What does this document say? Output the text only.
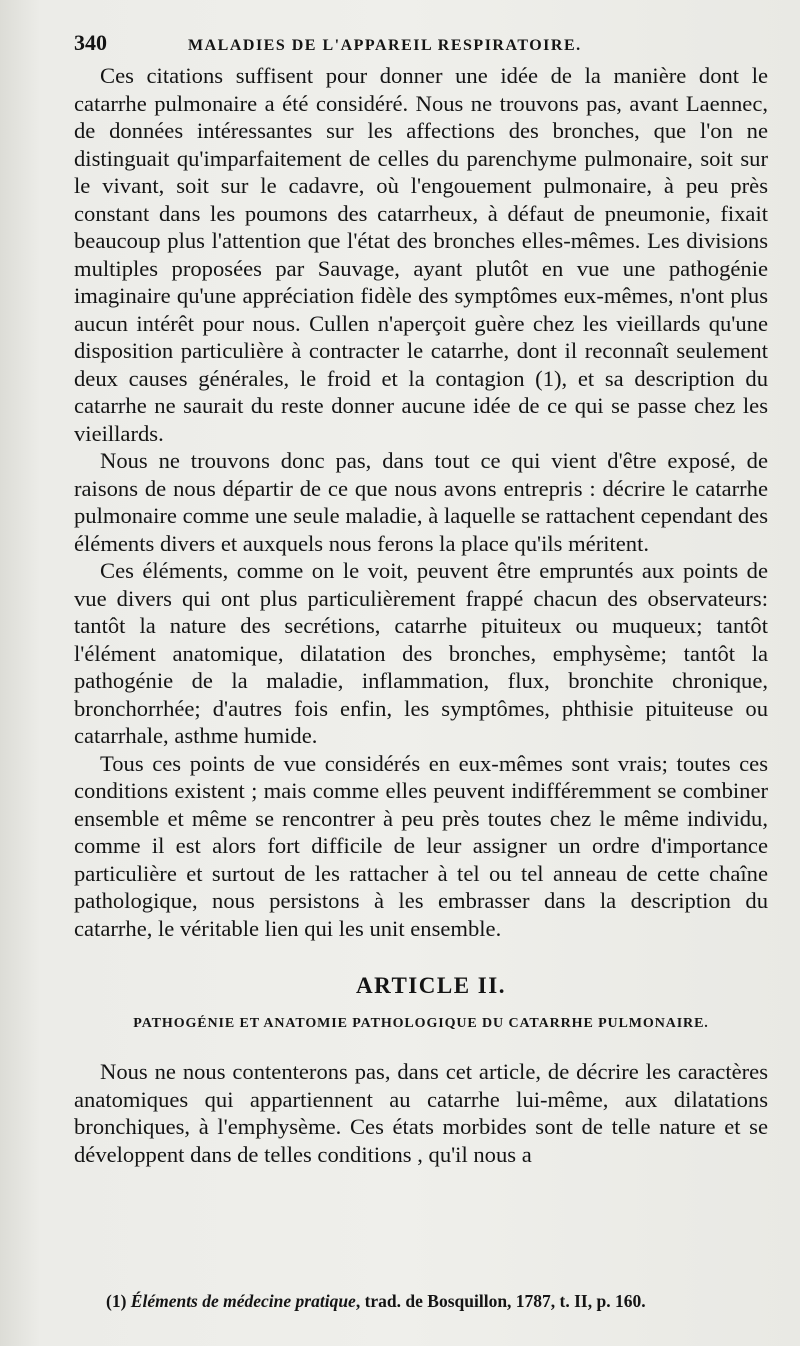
340	MALADIES DE L'APPAREIL RESPIRATOIRE.

Ces citations suffisent pour donner une idée de la manière dont le catarrhe pulmonaire a été considéré. Nous ne trouvons pas, avant Laennec, de données intéressantes sur les affections des bronches, que l'on ne distinguait qu'imparfaitement de celles du parenchyme pulmonaire, soit sur le vivant, soit sur le cadavre, où l'engouement pulmonaire, à peu près constant dans les poumons des catarrheux, à défaut de pneumonie, fixait beaucoup plus l'attention que l'état des bronches elles-mêmes. Les divisions multiples proposées par Sauvage, ayant plutôt en vue une pathogénie imaginaire qu'une appréciation fidèle des symptômes eux-mêmes, n'ont plus aucun intérêt pour nous. Cullen n'aperçoit guère chez les vieillards qu'une disposition particulière à contracter le catarrhe, dont il reconnaît seulement deux causes générales, le froid et la contagion (1), et sa description du catarrhe ne saurait du reste donner aucune idée de ce qui se passe chez les vieillards.

Nous ne trouvons donc pas, dans tout ce qui vient d'être exposé, de raisons de nous départir de ce que nous avons entrepris : décrire le catarrhe pulmonaire comme une seule maladie, à laquelle se rattachent cependant des éléments divers et auxquels nous ferons la place qu'ils méritent.

Ces éléments, comme on le voit, peuvent être empruntés aux points de vue divers qui ont plus particulièrement frappé chacun des observateurs: tantôt la nature des secrétions, catarrhe pituiteux ou muqueux; tantôt l'élément anatomique, dilatation des bronches, emphysème; tantôt la pathogénie de la maladie, inflammation, flux, bronchite chronique, bronchorrhée; d'autres fois enfin, les symptômes, phthisie pituiteuse ou catarrhale, asthme humide.

Tous ces points de vue considérés en eux-mêmes sont vrais; toutes ces conditions existent ; mais comme elles peuvent indifféremment se combiner ensemble et même se rencontrer à peu près toutes chez le même individu, comme il est alors fort difficile de leur assigner un ordre d'importance particulière et surtout de les rattacher à tel ou tel anneau de cette chaîne pathologique, nous persistons à les embrasser dans la description du catarrhe, le véritable lien qui les unit ensemble.

ARTICLE II.
PATHOGÉNIE ET ANATOMIE PATHOLOGIQUE DU CATARRHE PULMONAIRE.

Nous ne nous contenterons pas, dans cet article, de décrire les caractères anatomiques qui appartiennent au catarrhe lui-même, aux dilatations bronchiques, à l'emphysème. Ces états morbides sont de telle nature et se développent dans de telles conditions , qu'il nous a

(1) Éléments de médecine pratique, trad. de Bosquillon, 1787, t. II, p. 160.
